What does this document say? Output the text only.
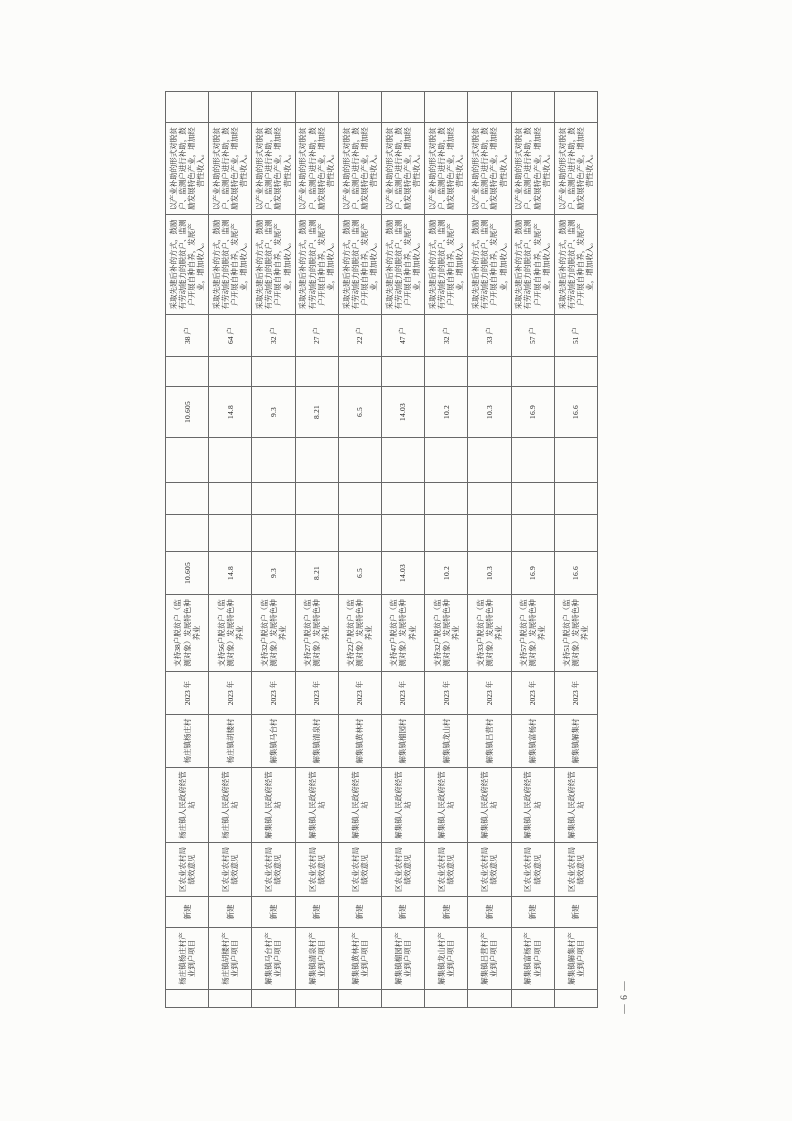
	杨庄镇杨庄村产业到户项目	新建	区农业农村局绩效意见	杨庄镇人民政府经管站	杨庄镇杨庄村	2023 年	支持38户脱贫户（监测对象）发展特色种养业	10.605				10.605		38 户	采取先建后补的方式，鼓励有劳动能力的脱贫户、监测户开展自种自养，发展产业，增加收入。	以产业补助的形式对脱贫户、监测户进行补助，鼓励发展特色产业，增加经营性收入。	
	杨庄镇胡楼村产业到户项目	新建	区农业农村局绩效意见	杨庄镇人民政府经管站	杨庄镇胡楼村	2023 年	支持56户脱贫户（监测对象）发展特色种养业	14.8				14.8		64 户	采取先建后补的方式，鼓励有劳动能力的脱贫户、监测户开展自种自养，发展产业，增加收入。	以产业补助的形式对脱贫户、监测户进行补助，鼓励发展特色产业，增加经营性收入。	
	解集镇马台村产业到户项目	新建	区农业农村局绩效意见	解集镇人民政府经管站	解集镇马台村	2023 年	支持32户脱贫户（监测对象）发展特色种养业	9.3				9.3		32 户	采取先建后补的方式，鼓励有劳动能力的脱贫户、监测户开展自种自养，发展产业，增加收入。	以产业补助的形式对脱贫户、监测户进行补助，鼓励发展特色产业，增加经营性收入。	
	解集镇清泉村产业到户项目	新建	区农业农村局绩效意见	解集镇人民政府经管站	解集镇清泉村	2023 年	支持27户脱贫户（监测对象）发展特色种养业	8.21				8.21		27 户	采取先建后补的方式，鼓励有劳动能力的脱贫户、监测户开展自种自养，发展产业，增加收入。	以产业补助的形式对脱贫户、监测户进行补助，鼓励发展特色产业，增加经营性收入。	
	解集镇黄林村产业到户项目	新建	区农业农村局绩效意见	解集镇人民政府经管站	解集镇黄林村	2023 年	支持22户脱贫户（监测对象）发展特色种养业	6.5				6.5		22 户	采取先建后补的方式，鼓励有劳动能力的脱贫户、监测户开展自种自养，发展产业，增加收入。	以产业补助的形式对脱贫户、监测户进行补助，鼓励发展特色产业，增加经营性收入。	
	解集镇榴园村产业到户项目	新建	区农业农村局绩效意见	解集镇人民政府经管站	解集镇榴园村	2023 年	支持47户脱贫户（监测对象）发展特色种养业	14.03				14.03		47 户	采取先建后补的方式，鼓励有劳动能力的脱贫户、监测户开展自种自养，发展产业，增加收入。	以产业补助的形式对脱贫户、监测户进行补助，鼓励发展特色产业，增加经营性收入。	
	解集镇龙山村产业到户项目	新建	区农业农村局绩效意见	解集镇人民政府经管站	解集镇龙山村	2023 年	支持32户脱贫户（监测对象）发展特色种养业	10.2				10.2		32 户	采取先建后补的方式，鼓励有劳动能力的脱贫户、监测户开展自种自养，发展产业，增加收入。	以产业补助的形式对脱贫户、监测户进行补助，鼓励发展特色产业，增加经营性收入。	
	解集镇吕营村产业到户项目	新建	区农业农村局绩效意见	解集镇人民政府经管站	解集镇吕营村	2023 年	支持33户脱贫户（监测对象）发展特色种养业	10.3				10.3		33 户	采取先建后补的方式，鼓励有劳动能力的脱贫户、监测户开展自种自养，发展产业，增加收入。	以产业补助的形式对脱贫户、监测户进行补助，鼓励发展特色产业，增加经营性收入。	
	解集镇富杨村产业到户项目	新建	区农业农村局绩效意见	解集镇人民政府经管站	解集镇富杨村	2023 年	支持57户脱贫户（监测对象）发展特色种养业	16.9				16.9		57 户	采取先建后补的方式，鼓励有劳动能力的脱贫户、监测户开展自种自养，发展产业，增加收入。	以产业补助的形式对脱贫户、监测户进行补助，鼓励发展特色产业，增加经营性收入。	
	解集镇解集村产业到户项目	新建	区农业农村局绩效意见	解集镇人民政府经管站	解集镇解集村	2023 年	支持51户脱贫户（监测对象）发展特色种养业	16.6				16.6		51 户	采取先建后补的方式，鼓励有劳动能力的脱贫户、监测户开展自种自养，发展产业，增加收入。	以产业补助的形式对脱贫户、监测户进行补助，鼓励发展特色产业，增加经营性收入。	
— 6 —
